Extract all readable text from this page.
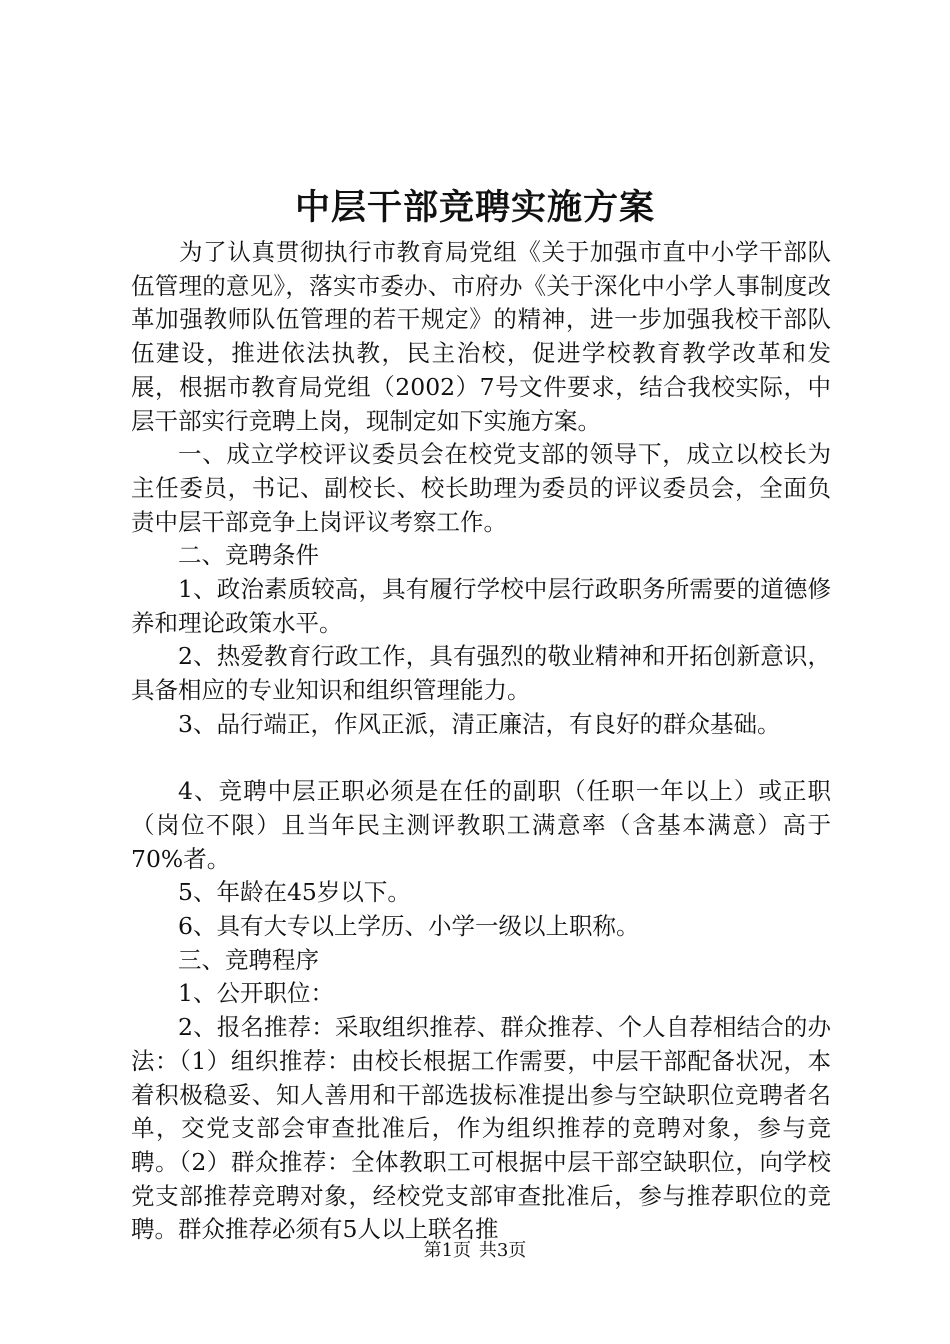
中层干部竞聘实施方案

为了认真贯彻执行市教育局党组《关于加强市直中小学干部队伍管理的意见》，落实市委办、市府办《关于深化中小学人事制度改革加强教师队伍管理的若干规定》的精神，进一步加强我校干部队伍建设，推进依法执教，民主治校，促进学校教育教学改革和发展，根据市教育局党组（2002）7号文件要求，结合我校实际，中层干部实行竞聘上岗，现制定如下实施方案。

一、成立学校评议委员会在校党支部的领导下，成立以校长为主任委员，书记、副校长、校长助理为委员的评议委员会，全面负责中层干部竞争上岗评议考察工作。

二、竞聘条件

1、政治素质较高，具有履行学校中层行政职务所需要的道德修养和理论政策水平。

2、热爱教育行政工作，具有强烈的敬业精神和开拓创新意识，具备相应的专业知识和组织管理能力。

3、品行端正，作风正派，清正廉洁，有良好的群众基础。

4、竞聘中层正职必须是在任的副职（任职一年以上）或正职（岗位不限）且当年民主测评教职工满意率（含基本满意）高于70%者。

5、年龄在45岁以下。

6、具有大专以上学历、小学一级以上职称。

三、竞聘程序

1、公开职位：

2、报名推荐：采取组织推荐、群众推荐、个人自荐相结合的办法：（1）组织推荐：由校长根据工作需要，中层干部配备状况，本着积极稳妥、知人善用和干部选拔标准提出参与空缺职位竞聘者名单，交党支部会审查批准后，作为组织推荐的竞聘对象，参与竞聘。（2）群众推荐：全体教职工可根据中层干部空缺职位，向学校党支部推荐竞聘对象，经校党支部审查批准后，参与推荐职位的竞聘。群众推荐必须有5人以上联名推

第1页 共3页
